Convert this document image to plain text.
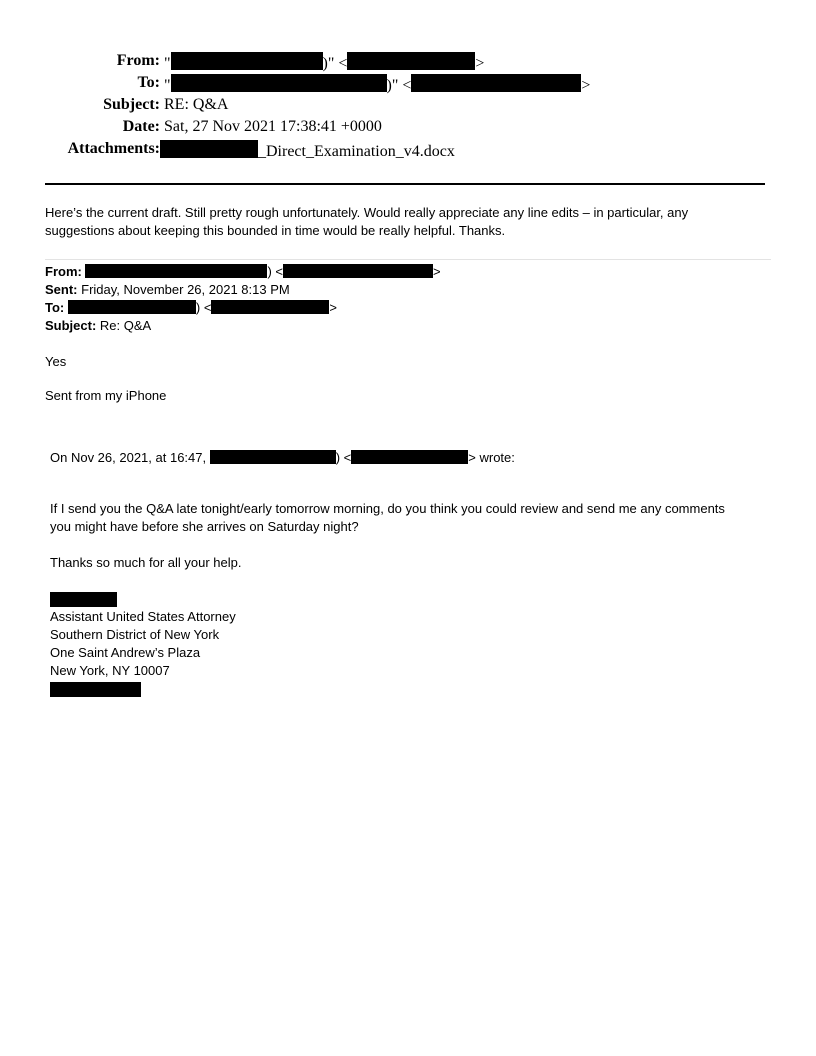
From: "	)" <	>
To: "	)" <	>
Subject: RE: Q&A
Date: Sat, 27 Nov 2021 17:38:41 +0000
Attachments:	_Direct_Examination_v4.docx
Here’s the current draft. Still pretty rough unfortunately. Would really appreciate any line edits – in particular, any
suggestions about keeping this bounded in time would be really helpful. Thanks.
From:	) <	>
Sent: Friday, November 26, 2021 8:13 PM
To:	) <	>
Subject: Re: Q&A
Yes
Sent from my iPhone
On Nov 26, 2021, at 16:47,	) <	> wrote:
If I send you the Q&A late tonight/early tomorrow morning, do you think you could review and send me any comments
you might have before she arrives on Saturday night?
Thanks so much for all your help.
Assistant United States Attorney
Southern District of New York
One Saint Andrew’s Plaza
New York, NY 10007
